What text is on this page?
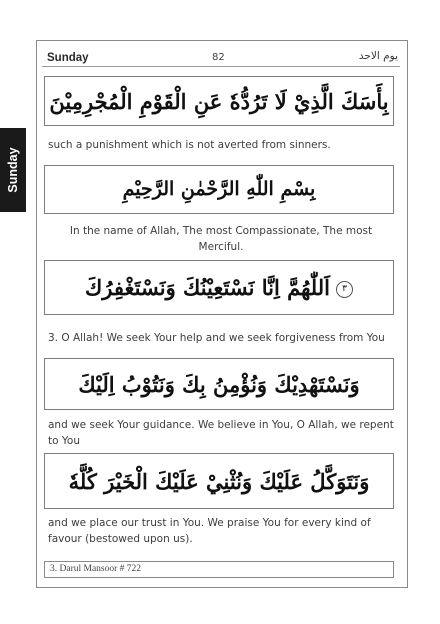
Sunday
Sunday	82	يوم الاحد
بِأَسَكَ الَّذِيْ لَا تَرُدُّهٗ عَنِ الْقَوْمِ الْمُجْرِمِيْنَ
such a punishment which is not averted from sinners.
بِسْمِ اللّٰهِ الرَّحْمٰنِ الرَّحِيْمِ
In the name of Allah, The most Compassionate, The most Merciful.
٣اَللّٰهُمَّ اِنَّا نَسْتَعِيْنُكَ وَنَسْتَغْفِرُكَ
3. O Allah! We seek Your help and we seek forgiveness from You
وَنَسْتَهْدِيْكَ وَنُؤْمِنُ بِكَ وَنَتُوْبُ اِلَيْكَ
and we seek Your guidance. We believe in You, O Allah, we repent to You
وَنَتَوَكَّلُ عَلَيْكَ وَنُثْنِيْ عَلَيْكَ الْخَيْرَ كُلَّهٗ
and we place our trust in You. We praise You for every kind of favour (bestowed upon us).
3. Darul Mansoor # 722
